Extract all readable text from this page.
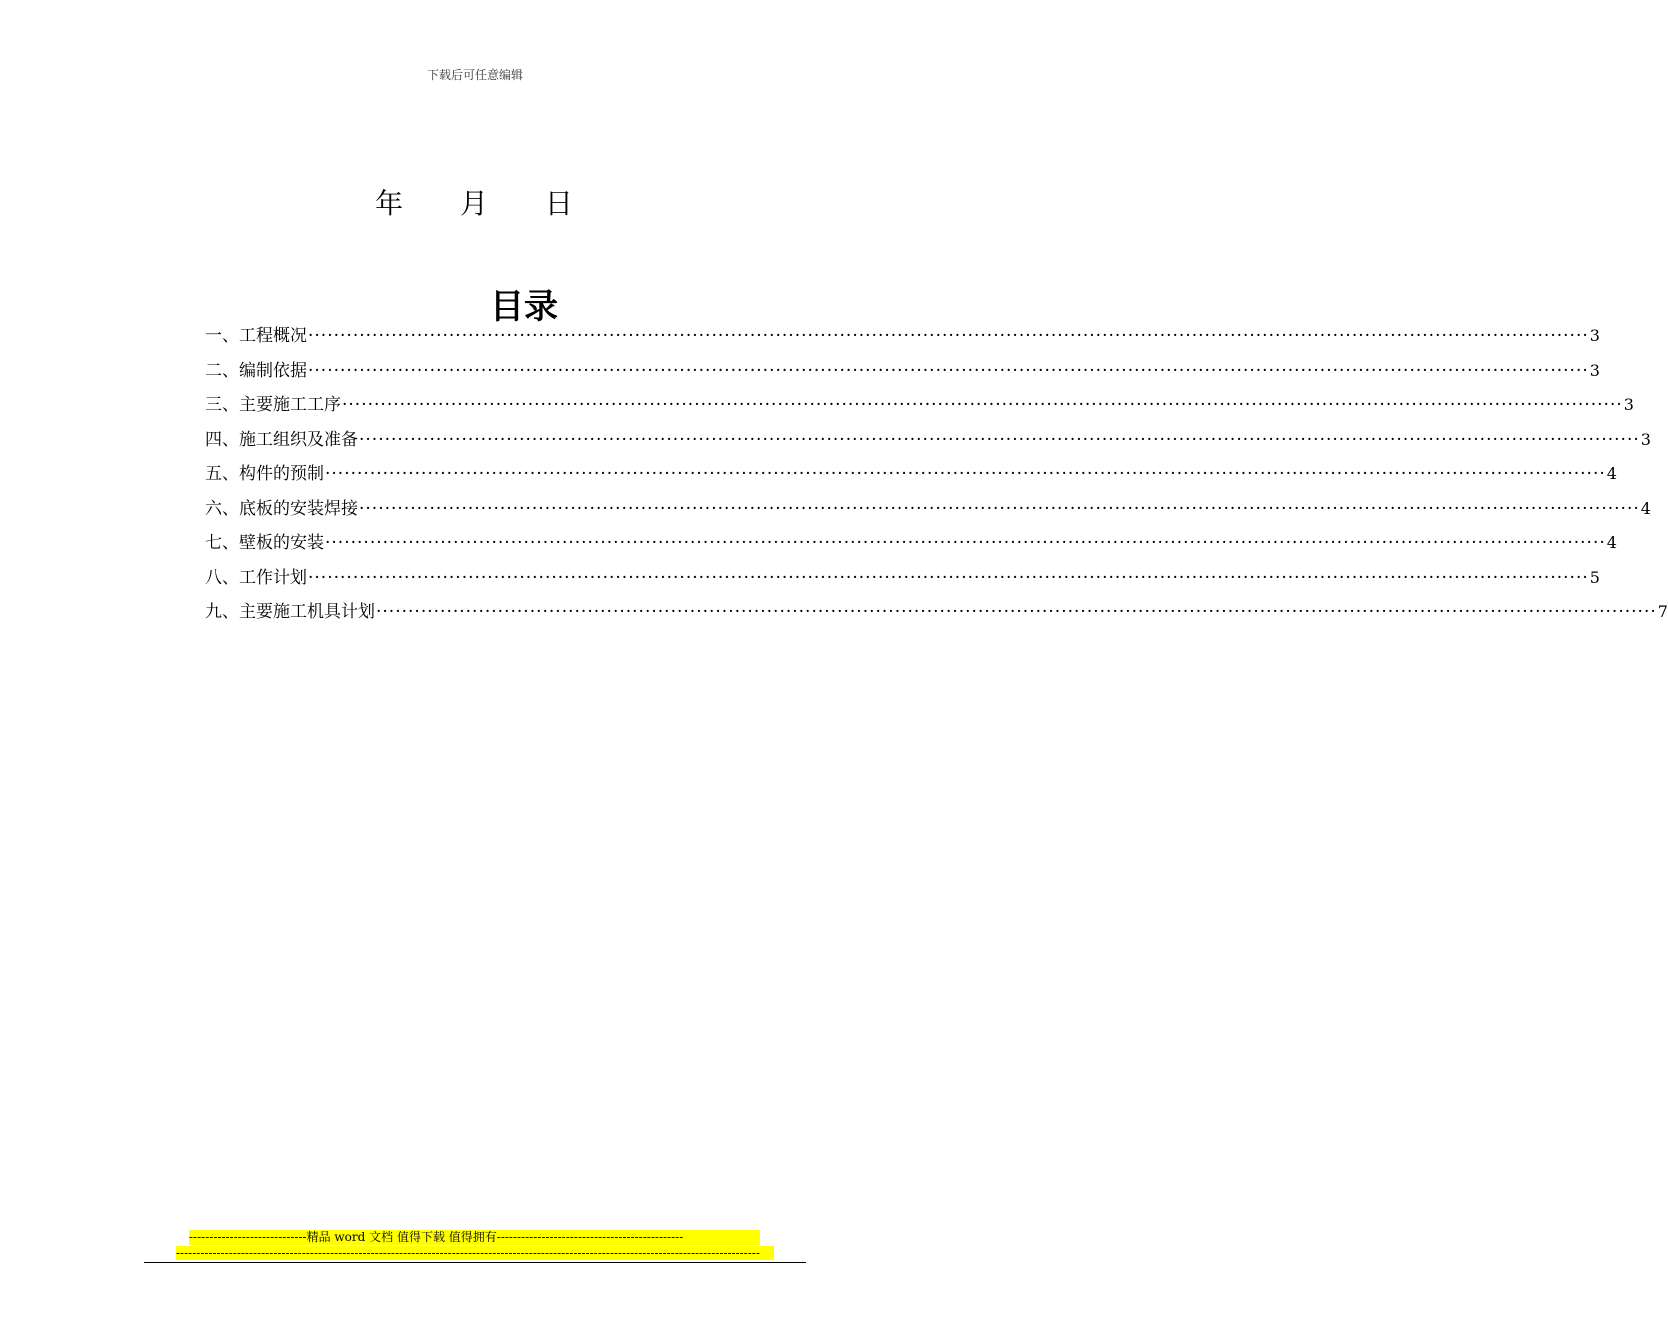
下载后可任意编辑
年 月 日
目录
一、工程概况 ········································································································································································································ 3
二、编制依据 ········································································································································································································ 3
三、主要施工工序 ········································································································································································································ 3
四、施工组织及准备 ········································································································································································································ 3
五、构件的预制 ········································································································································································································ 4
六、底板的安装焊接 ········································································································································································································ 4
七、壁板的安装 ········································································································································································································ 4
八、工作计划 ········································································································································································································ 5
九、主要施工机具计划 ········································································································································································································ 7
-----------------------------精品 word 文档 值得下载 值得拥有----------------------------------------------
------------------------------------------------------------------------------------------------------------------------------------------------
